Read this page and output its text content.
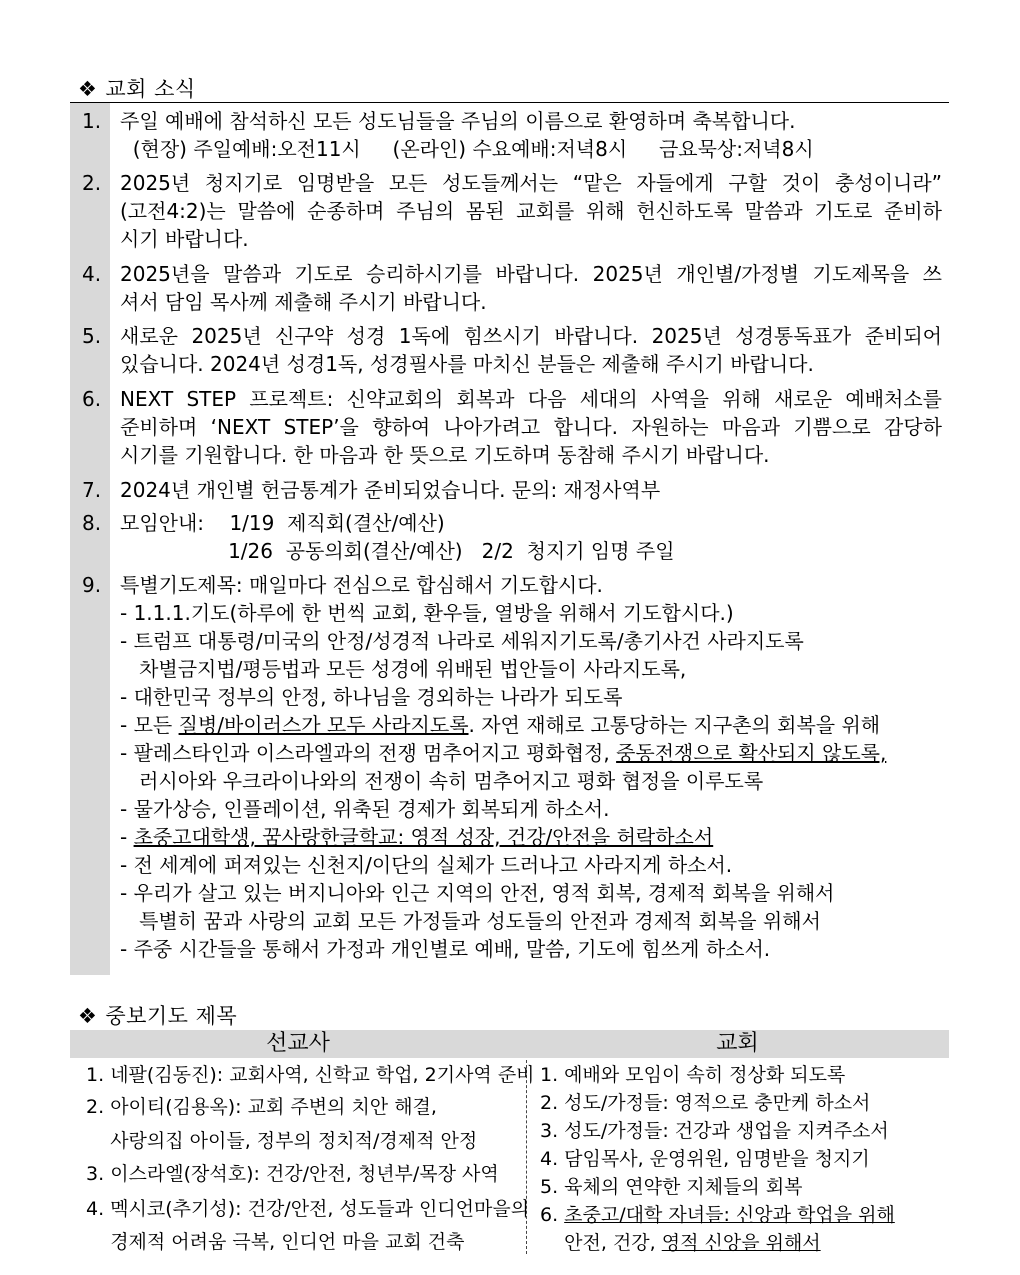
❖ 교회 소식
1. 주일 예배에 참석하신 모든 성도님들을 주님의 이름으로 환영하며 축복합니다.
(현장) 주일예배:오전11시     (온라인) 수요예배:저녁8시     금요묵상:저녁8시
2. 2025년 청지기로 임명받을 모든 성도들께서는 “맡은 자들에게 구할 것이 충성이니라”
(고전4:2)는 말씀에 순종하며 주님의 몸된 교회를 위해 헌신하도록 말씀과 기도로 준비하
시기 바랍니다.
4. 2025년을 말씀과 기도로 승리하시기를 바랍니다. 2025년 개인별/가정별 기도제목을 쓰
셔서 담임 목사께 제출해 주시기 바랍니다.
5. 새로운 2025년 신구약 성경 1독에 힘쓰시기 바랍니다. 2025년 성경통독표가 준비되어
있습니다. 2024년 성경1독, 성경필사를 마치신 분들은 제출해 주시기 바랍니다.
6. NEXT STEP 프로젝트: 신약교회의 회복과 다음 세대의 사역을 위해 새로운 예배처소를
준비하며 ‘NEXT STEP’을 향하여 나아가려고 합니다. 자원하는 마음과 기쁨으로 감당하
시기를 기원합니다. 한 마음과 한 뜻으로 기도하며 동참해 주시기 바랍니다.
7. 2024년 개인별 헌금통계가 준비되었습니다. 문의: 재정사역부
8. 모임안내:    1/19  제직회(결산/예산)
1/26  공동의회(결산/예산)   2/2  청지기 임명 주일
9. 특별기도제목: 매일마다 전심으로 합심해서 기도합시다.
- 1.1.1.기도(하루에 한 번씩 교회, 환우들, 열방을 위해서 기도합시다.)
- 트럼프 대통령/미국의 안정/성경적 나라로 세워지기도록/총기사건 사라지도록
차별금지법/평등법과 모든 성경에 위배된 법안들이 사라지도록,
- 대한민국 정부의 안정, 하나님을 경외하는 나라가 되도록
- 모든 질병/바이러스가 모두 사라지도록. 자연 재해로 고통당하는 지구촌의 회복을 위해
- 팔레스타인과 이스라엘과의 전쟁 멈추어지고 평화협정, 중동전쟁으로 확산되지 않도록,
러시아와 우크라이나와의 전쟁이 속히 멈추어지고 평화 협정을 이루도록
- 물가상승, 인플레이션, 위축된 경제가 회복되게 하소서.
- 초중고대학생, 꿈사랑한글학교: 영적 성장, 건강/안전을 허락하소서
- 전 세계에 퍼져있는 신천지/이단의 실체가 드러나고 사라지게 하소서.
- 우리가 살고 있는 버지니아와 인근 지역의 안전, 영적 회복, 경제적 회복을 위해서
특별히 꿈과 사랑의 교회 모든 가정들과 성도들의 안전과 경제적 회복을 위해서
- 주중 시간들을 통해서 가정과 개인별로 예배, 말씀, 기도에 힘쓰게 하소서.
❖ 중보기도 제목
선교사	교회
1. 네팔(김동진): 교회사역, 신학교 학업, 2기사역 준비
2. 아이티(김용옥): 교회 주변의 치안 해결,
사랑의집 아이들, 정부의 정치적/경제적 안정
3. 이스라엘(장석호): 건강/안전, 청년부/목장 사역
4. 멕시코(추기성): 건강/안전, 성도들과 인디언마을의
경제적 어려움 극복, 인디언 마을 교회 건축
1. 예배와 모임이 속히 정상화 되도록
2. 성도/가정들: 영적으로 충만케 하소서
3. 성도/가정들: 건강과 생업을 지켜주소서
4. 담임목사, 운영위원, 임명받을 청지기
5. 육체의 연약한 지체들의 회복
6. 초중고/대학 자녀들: 신앙과 학업을 위해
안전, 건강, 영적 신앙을 위해서
